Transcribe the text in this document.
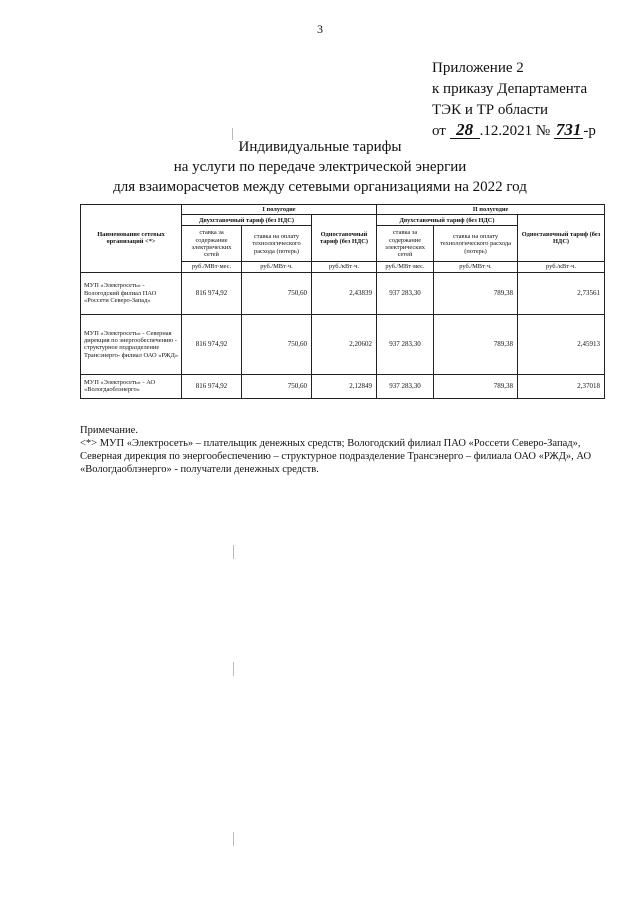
3
Приложение 2
к приказу Департамента
ТЭК и ТР области
от 28 .12.2021 № 731 -р
Индивидуальные тарифы
на услуги по передаче электрической энергии
для взаиморасчетов между сетевыми организациями на 2022 год
Наименование сетевых организаций <*>	I полугодие			II полугодие		
	Двухставочный тариф (без НДС)		Одноставочный тариф (без НДС)	Двухставочный тариф (без НДС)		Одноставочный тариф (без НДС)
	ставка за содержание электрических сетей	ставка на оплату технологического расхода (потерь)		ставка за содержание электрических сетей	ставка на оплату технологического расхода (потерь)	
	руб./МВт·мес.	руб./МВт·ч.	руб./кВт·ч.	руб./МВт·мес.	руб./МВт·ч.	руб./кВт·ч.
МУП «Электросеть» - Вологодский филиал ПАО «Россети Северо-Запад»	816 974,92	750,60	2,43839	937 283,30	789,38	2,73561
МУП «Электросеть» - Северная дирекция по энергообеспечению - структурное подразделение Трансэнерго- филиал ОАО «РЖД»	816 974,92	750,60	2,20602	937 283,30	789,38	2,45913
МУП «Электросеть» - АО «Вологдаоблэнерго»	816 974,92	750,60	2,12849	937 283,30	789,38	2,37018
Примечание.
<*> МУП «Электросеть» – плательщик денежных средств; Вологодский филиал ПАО «Россети Северо-Запад», Северная дирекция по энергообеспечению – структурное подразделение Трансэнерго – филиала ОАО «РЖД», АО «Вологдаоблэнерго» - получатели денежных средств.
